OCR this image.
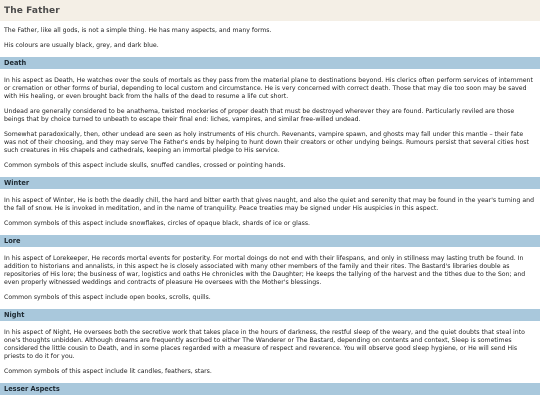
The Father

The Father, like all gods, is not a simple thing. He has many aspects, and many forms.

His colours are usually black, grey, and dark blue.

Death

In his aspect as Death, He watches over the souls of mortals as they pass from the material plane to destinations beyond. His clerics often perform services of internment or cremation or other forms of burial, depending to local custom and circumstance. He is very concerned with correct death. Those that may die too soon may be saved with His healing, or even brought back from the halls of the dead to resume a life cut short.

Undead are generally considered to be anathema, twisted mockeries of proper death that must be destroyed wherever they are found. Particularly reviled are those beings that by choice turned to unbeath to escape their final end: liches, vampires, and similar free-willed undead.

Somewhat paradoxically, then, other undead are seen as holy instruments of His church. Revenants, vampire spawn, and ghosts may fall under this mantle – their fate was not of their choosing, and they may serve The Father's ends by helping to hunt down their creators or other undying beings. Rumours persist that several cities host such creatures in His chapels and cathedrals, keeping an immortal pledge to His service.

Common symbols of this aspect include skulls, snuffed candles, crossed or pointing hands.

Winter

In his aspect of Winter, He is both the deadly chill, the hard and bitter earth that gives naught, and also the quiet and serenity that may be found in the year's turning and the fall of snow. He is invoked in meditation, and in the name of tranquility. Peace treaties may be signed under His auspicies in this aspect.

Common symbols of this aspect include snowflakes, circles of opaque black, shards of ice or glass.

Lore

In his aspect of Lorekeeper, He records mortal events for posterity. For mortal doings do not end with their lifespans, and only in stillness may lasting truth be found. In addition to historians and annalists, in this aspect he is closely associated with many other members of the family and their rites. The Bastard's libraries double as repositories of His lore; the business of war, logistics and oaths He chronicles with the Daughter; He keeps the tallying of the harvest and the tithes due to the Son; and even properly witnessed weddings and contracts of pleasure He oversees with the Mother's blessings.

Common symbols of this aspect include open books, scrolls, quills.

Night

In his aspect of Night, He oversees both the secretive work that takes place in the hours of darkness, the restful sleep of the weary, and the quiet doubts that steal into one's thoughts unbidden. Although dreams are frequently ascribed to either The Wanderer or The Bastard, depending on contents and context, Sleep is sometimes considered the little cousin to Death, and in some places regarded with a measure of respect and reverence. You will observe good sleep hygiene, or He will send His priests to do it for you.

Common symbols of this aspect include lit candles, feathers, stars.

Lesser Aspects
